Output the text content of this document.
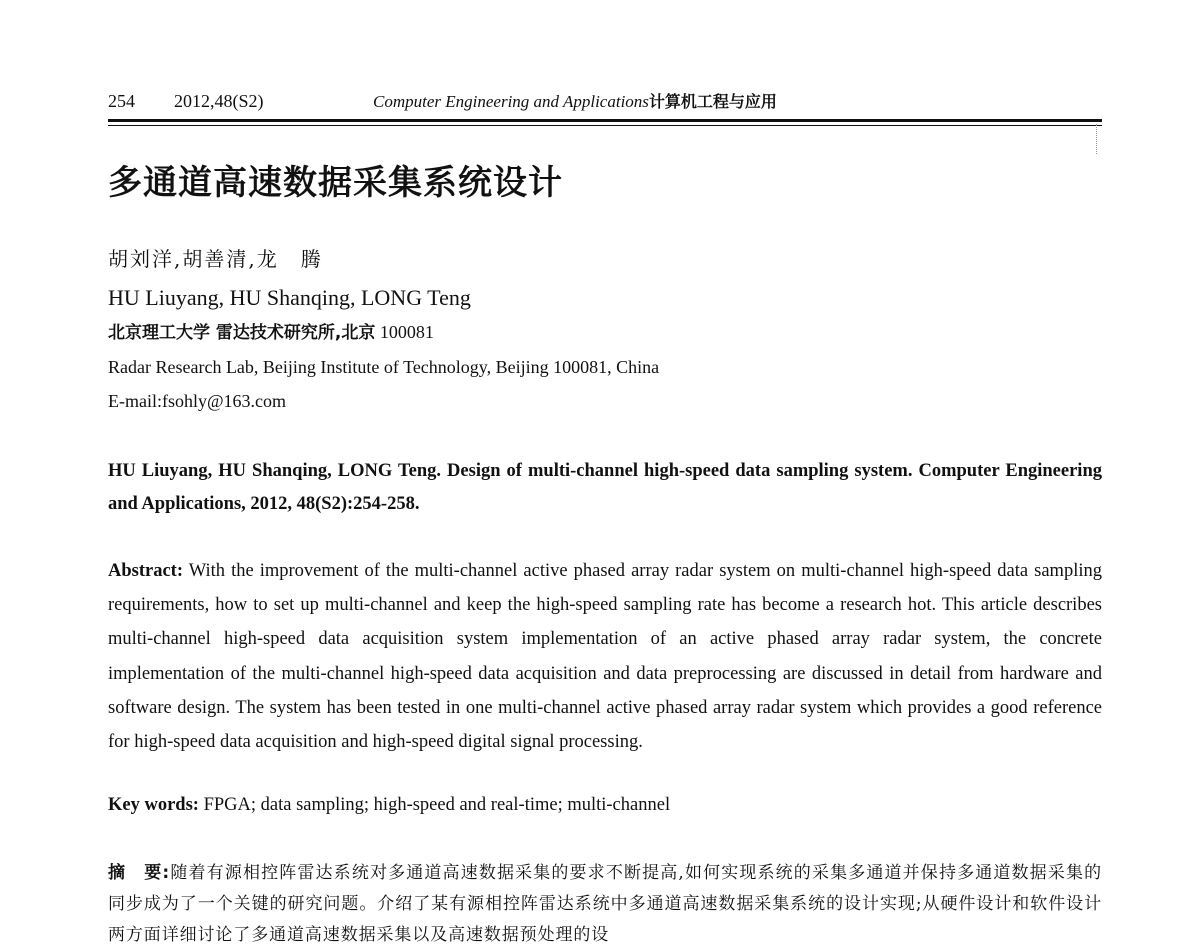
254 2012,48(S2)	Computer Engineering and Applications计算机工程与应用
多通道高速数据采集系统设计
胡刘洋,胡善清,龙　腾
HU Liuyang, HU Shanqing, LONG Teng
北京理工大学 雷达技术研究所,北京 100081
Radar Research Lab, Beijing Institute of Technology, Beijing 100081, China
E-mail:fsohly@163.com

HU Liuyang, HU Shanqing, LONG Teng. Design of multi-channel high-speed data sampling system. Computer Engineering and Applications, 2012, 48(S2):254-258.

Abstract: With the improvement of the multi-channel active phased array radar system on multi-channel high-speed data sampling requirements, how to set up multi-channel and keep the high-speed sampling rate has become a research hot. This article describes multi-channel high-speed data acquisition system implementation of an active phased array radar system, the concrete implementation of the multi-channel high-speed data acquisition and data preprocessing are discussed in detail from hardware and software design. The system has been tested in one multi-channel active phased array radar system which provides a good reference for high-speed data acquisition and high-speed digital signal processing.

Key words: FPGA; data sampling; high-speed and real-time; multi-channel

摘　要:随着有源相控阵雷达系统对多通道高速数据采集的要求不断提高,如何实现系统的采集多通道并保持多通道数据采集的同步成为了一个关键的研究问题。介绍了某有源相控阵雷达系统中多通道高速数据采集系统的设计实现;从硬件设计和软件设计两方面详细讨论了多通道高速数据采集以及高速数据预处理的设
